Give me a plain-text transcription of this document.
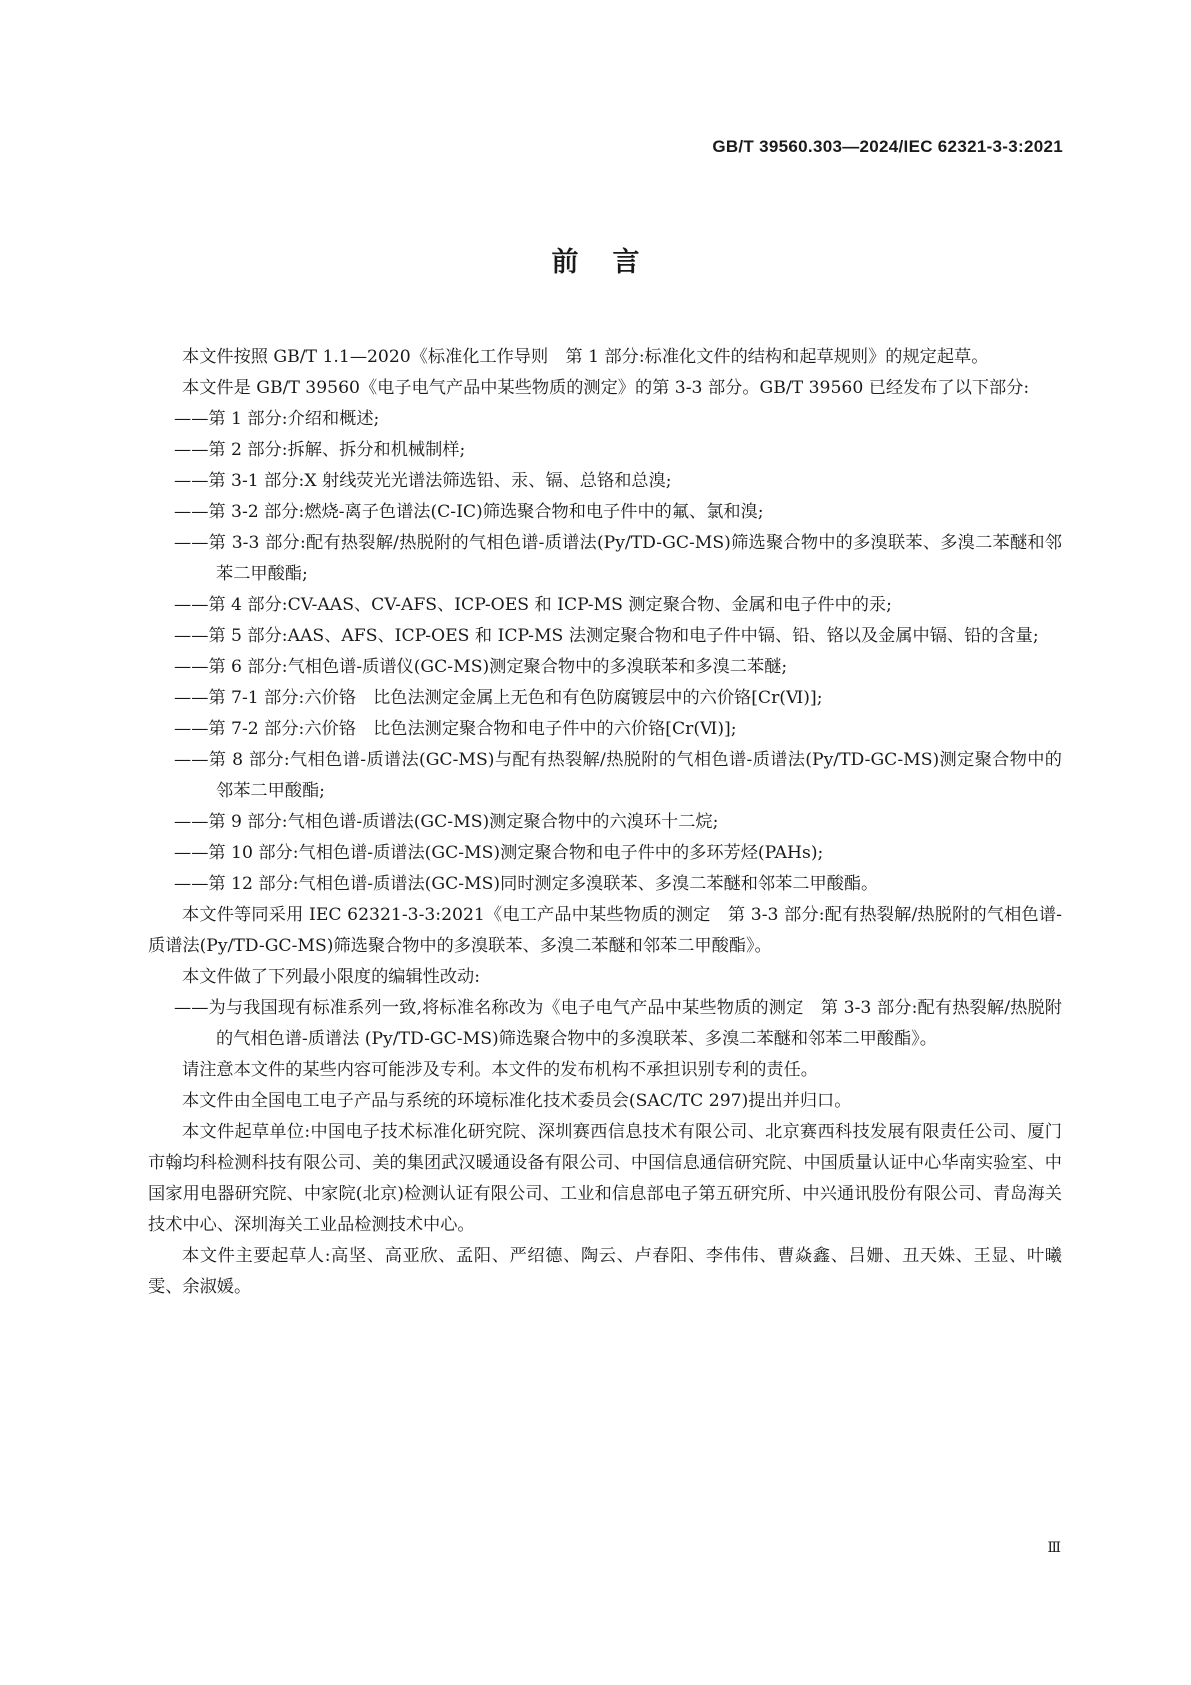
GB/T 39560.303—2024/IEC 62321-3-3:2021
前言

本文件按照 GB/T 1.1—2020《标准化工作导则　第 1 部分:标准化文件的结构和起草规则》的规定起草。

本文件是 GB/T 39560《电子电气产品中某些物质的测定》的第 3-3 部分。GB/T 39560 已经发布了以下部分:

——第 1 部分:介绍和概述;

——第 2 部分:拆解、拆分和机械制样;

——第 3-1 部分:X 射线荧光光谱法筛选铅、汞、镉、总铬和总溴;

——第 3-2 部分:燃烧-离子色谱法(C-IC)筛选聚合物和电子件中的氟、氯和溴;

——第 3-3 部分:配有热裂解/热脱附的气相色谱-质谱法(Py/TD-GC-MS)筛选聚合物中的多溴联苯、多溴二苯醚和邻苯二甲酸酯;

——第 4 部分:CV-AAS、CV-AFS、ICP-OES 和 ICP-MS 测定聚合物、金属和电子件中的汞;

——第 5 部分:AAS、AFS、ICP-OES 和 ICP-MS 法测定聚合物和电子件中镉、铅、铬以及金属中镉、铅的含量;

——第 6 部分:气相色谱-质谱仪(GC-MS)测定聚合物中的多溴联苯和多溴二苯醚;

——第 7-1 部分:六价铬　比色法测定金属上无色和有色防腐镀层中的六价铬[Cr(Ⅵ)];

——第 7-2 部分:六价铬　比色法测定聚合物和电子件中的六价铬[Cr(Ⅵ)];

——第 8 部分:气相色谱-质谱法(GC-MS)与配有热裂解/热脱附的气相色谱-质谱法(Py/TD-GC-MS)测定聚合物中的邻苯二甲酸酯;

——第 9 部分:气相色谱-质谱法(GC-MS)测定聚合物中的六溴环十二烷;

——第 10 部分:气相色谱-质谱法(GC-MS)测定聚合物和电子件中的多环芳烃(PAHs);

——第 12 部分:气相色谱-质谱法(GC-MS)同时测定多溴联苯、多溴二苯醚和邻苯二甲酸酯。

本文件等同采用 IEC 62321-3-3:2021《电工产品中某些物质的测定　第 3-3 部分:配有热裂解/热脱附的气相色谱-质谱法(Py/TD-GC-MS)筛选聚合物中的多溴联苯、多溴二苯醚和邻苯二甲酸酯》。

本文件做了下列最小限度的编辑性改动:

——为与我国现有标准系列一致,将标准名称改为《电子电气产品中某些物质的测定　第 3-3 部分:配有热裂解/热脱附的气相色谱-质谱法 (Py/TD-GC-MS)筛选聚合物中的多溴联苯、多溴二苯醚和邻苯二甲酸酯》。

请注意本文件的某些内容可能涉及专利。本文件的发布机构不承担识别专利的责任。

本文件由全国电工电子产品与系统的环境标准化技术委员会(SAC/TC 297)提出并归口。

本文件起草单位:中国电子技术标准化研究院、深圳赛西信息技术有限公司、北京赛西科技发展有限责任公司、厦门市翰均科检测科技有限公司、美的集团武汉暖通设备有限公司、中国信息通信研究院、中国质量认证中心华南实验室、中国家用电器研究院、中家院(北京)检测认证有限公司、工业和信息部电子第五研究所、中兴通讯股份有限公司、青岛海关技术中心、深圳海关工业品检测技术中心。

本文件主要起草人:高坚、高亚欣、孟阳、严绍德、陶云、卢春阳、李伟伟、曹焱鑫、吕姗、丑天姝、王显、叶曦雯、余淑媛。

Ⅲ
